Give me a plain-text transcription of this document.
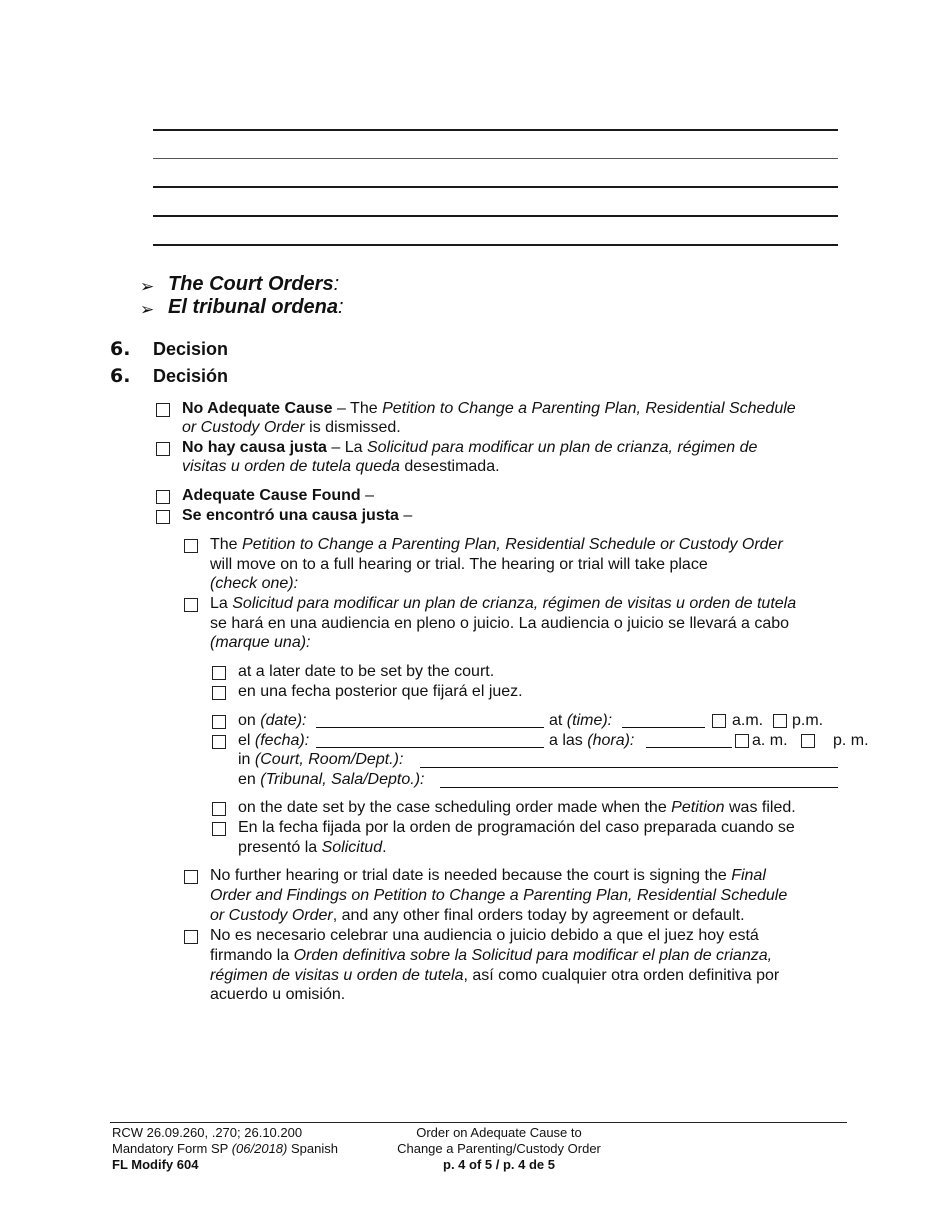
➢ The Court Orders:
➢ El tribunal ordena:
6. Decision
6. Decisión
No Adequate Cause – The Petition to Change a Parenting Plan, Residential Schedule
or Custody Order is dismissed.
No hay causa justa – La Solicitud para modificar un plan de crianza, régimen de
visitas u orden de tutela queda desestimada.
Adequate Cause Found –
Se encontró una causa justa –
The Petition to Change a Parenting Plan, Residential Schedule or Custody Order
will move on to a full hearing or trial. The hearing or trial will take place
(check one):
La Solicitud para modificar un plan de crianza, régimen de visitas u orden de tutela
se hará en una audiencia en pleno o juicio. La audiencia o juicio se llevará a cabo
(marque una):
at a later date to be set by the court.
en una fecha posterior que fijará el juez.
on (date):	at (time):	a.m. p.m.
el (fecha):	a las (hora):	a. m.	p. m.
in (Court, Room/Dept.):
en (Tribunal, Sala/Depto.):
on the date set by the case scheduling order made when the Petition was filed.
En la fecha fijada por la orden de programación del caso preparada cuando se
presentó la Solicitud.
No further hearing or trial date is needed because the court is signing the Final
Order and Findings on Petition to Change a Parenting Plan, Residential Schedule
or Custody Order, and any other final orders today by agreement or default.
No es necesario celebrar una audiencia o juicio debido a que el juez hoy está
firmando la Orden definitiva sobre la Solicitud para modificar el plan de crianza,
régimen de visitas u orden de tutela, así como cualquier otra orden definitiva por
acuerdo u omisión.
RCW 26.09.260, .270; 26.10.200
Mandatory Form SP (06/2018) Spanish
FL Modify 604
Order on Adequate Cause to
Change a Parenting/Custody Order
p. 4 of 5 / p. 4 de 5
